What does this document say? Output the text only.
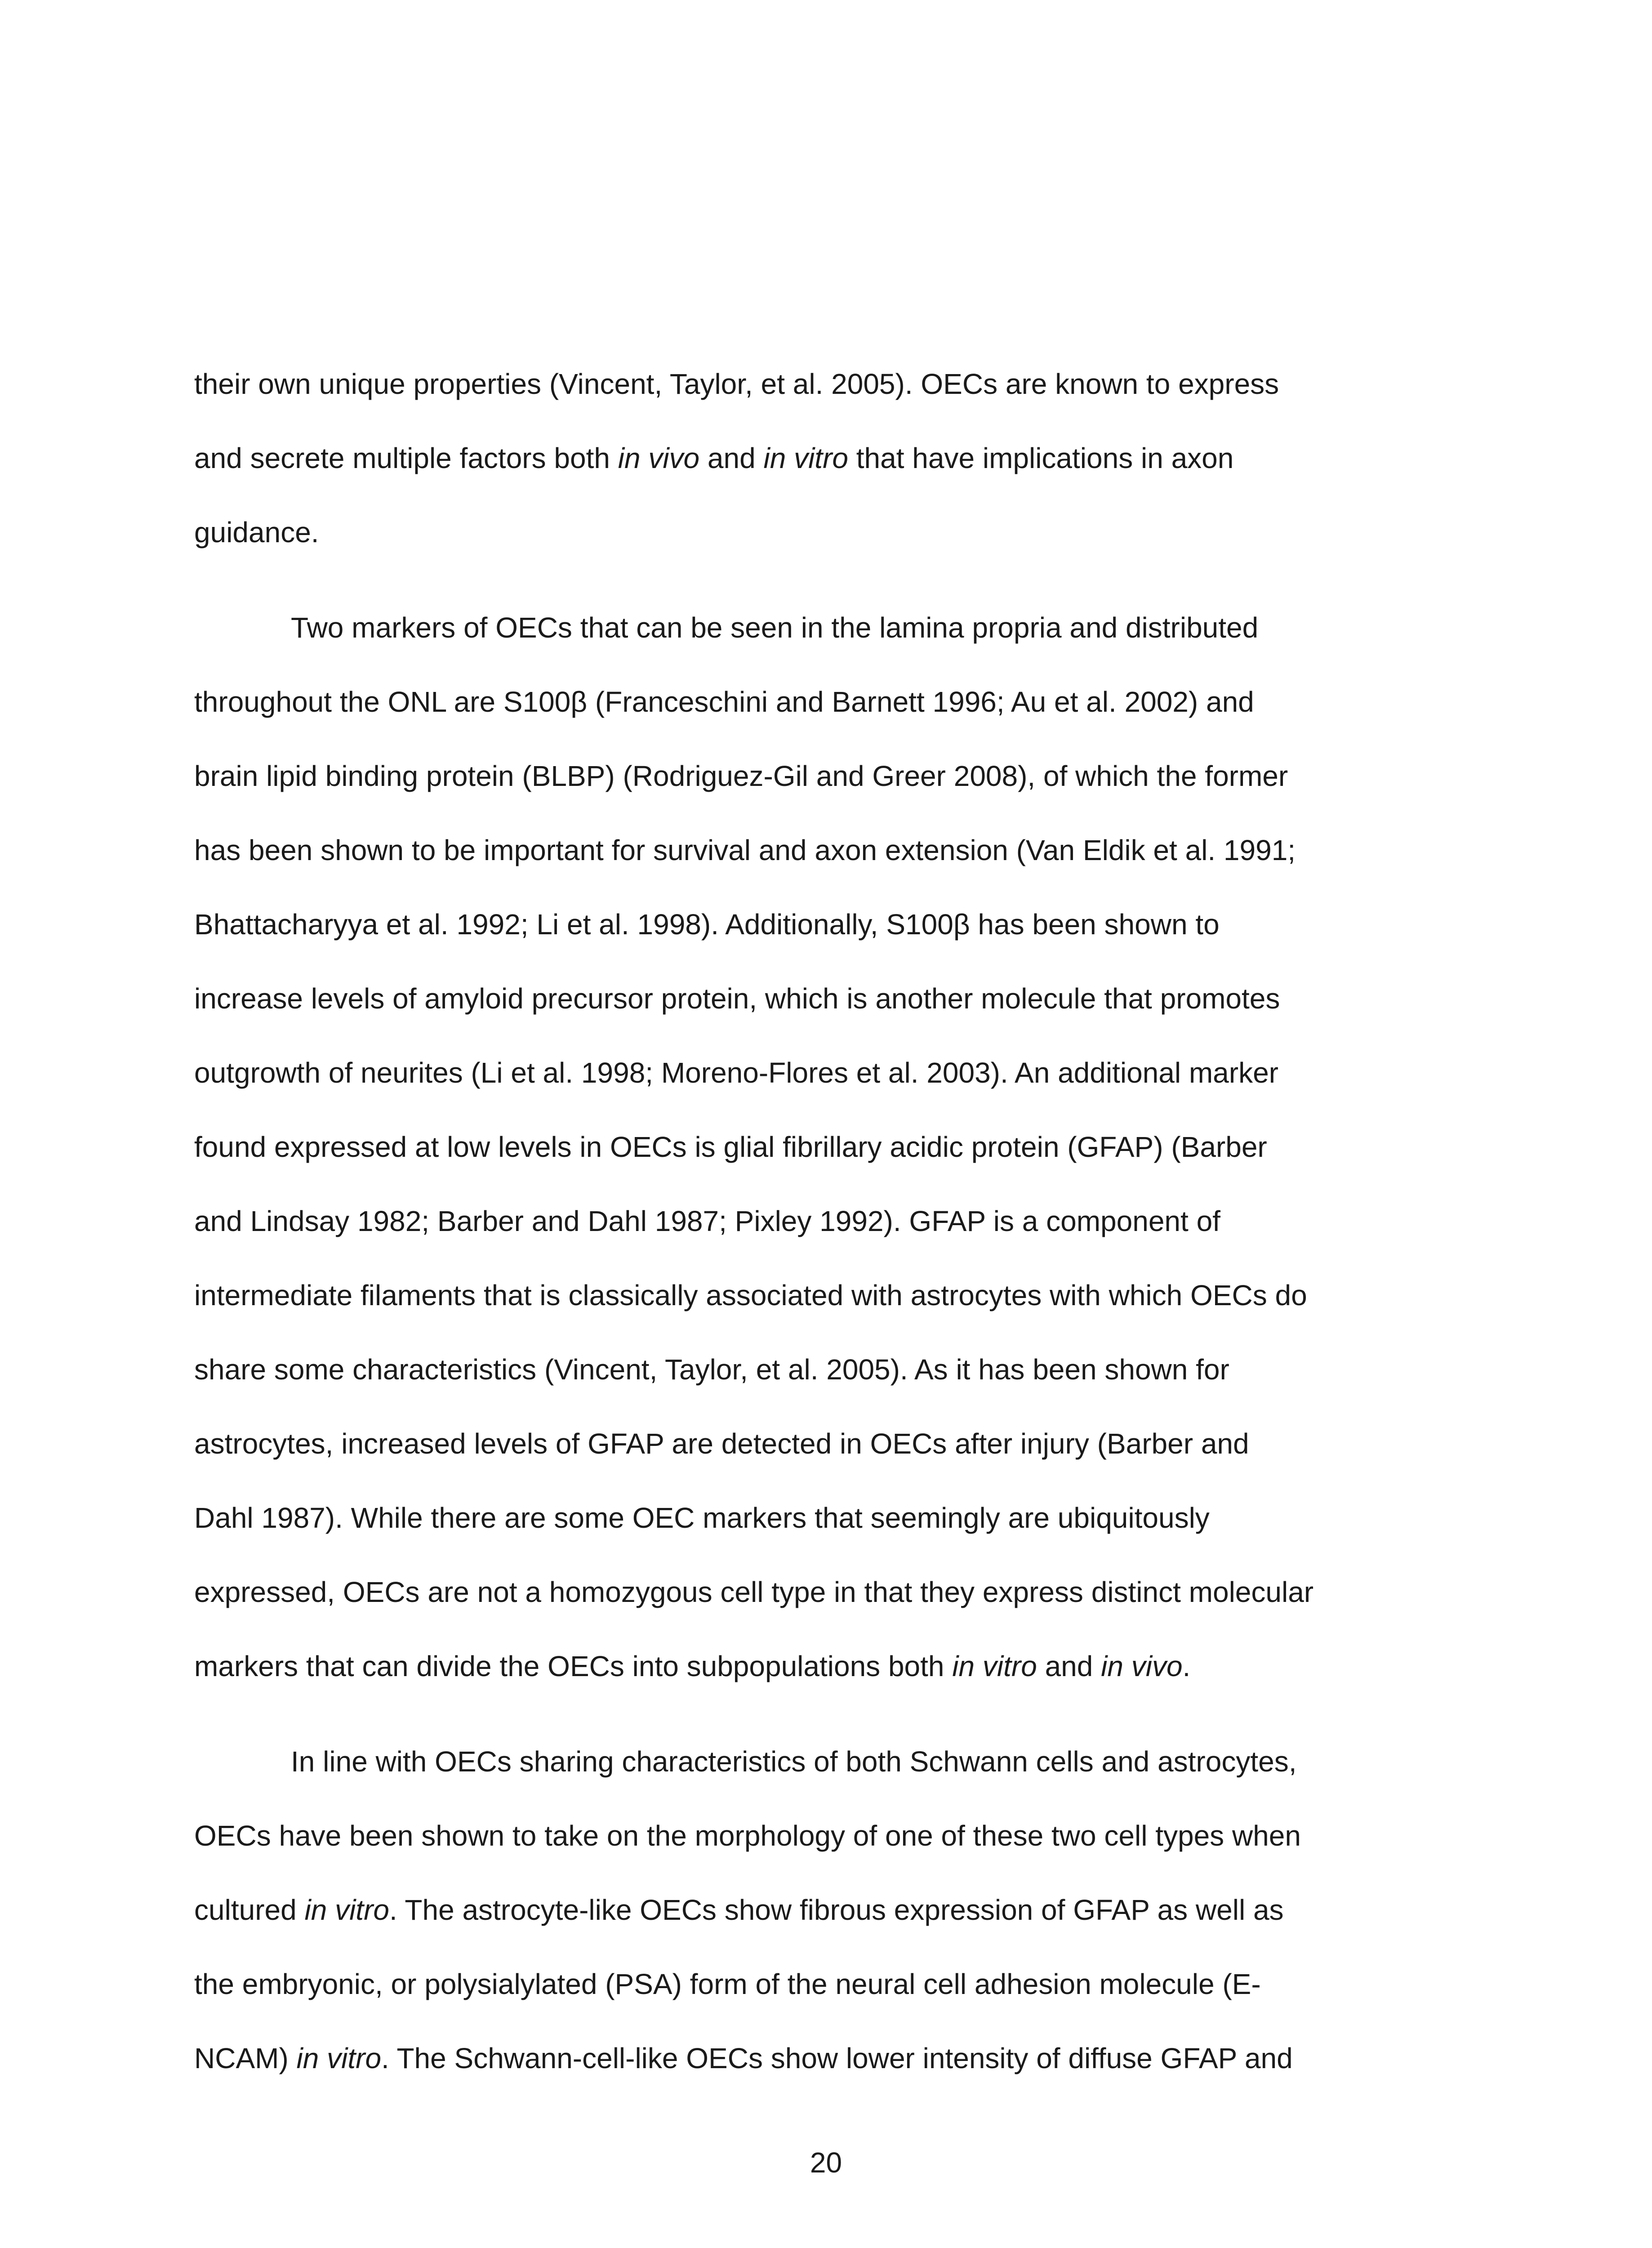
their own unique properties (Vincent, Taylor, et al. 2005). OECs are known to express
and secrete multiple factors both in vivo and in vitro that have implications in axon
guidance.
Two markers of OECs that can be seen in the lamina propria and distributed
throughout the ONL are S100β (Franceschini and Barnett 1996; Au et al. 2002) and
brain lipid binding protein (BLBP) (Rodriguez-Gil and Greer 2008), of which the former
has been shown to be important for survival and axon extension (Van Eldik et al. 1991;
Bhattacharyya et al. 1992; Li et al. 1998). Additionally, S100β has been shown to
increase levels of amyloid precursor protein, which is another molecule that promotes
outgrowth of neurites (Li et al. 1998; Moreno-Flores et al. 2003). An additional marker
found expressed at low levels in OECs is glial fibrillary acidic protein (GFAP) (Barber
and Lindsay 1982; Barber and Dahl 1987; Pixley 1992). GFAP is a component of
intermediate filaments that is classically associated with astrocytes with which OECs do
share some characteristics (Vincent, Taylor, et al. 2005). As it has been shown for
astrocytes, increased levels of GFAP are detected in OECs after injury (Barber and
Dahl 1987). While there are some OEC markers that seemingly are ubiquitously
expressed, OECs are not a homozygous cell type in that they express distinct molecular
markers that can divide the OECs into subpopulations both in vitro and in vivo.
In line with OECs sharing characteristics of both Schwann cells and astrocytes,
OECs have been shown to take on the morphology of one of these two cell types when
cultured in vitro. The astrocyte-like OECs show fibrous expression of GFAP as well as
the embryonic, or polysialylated (PSA) form of the neural cell adhesion molecule (E-
NCAM) in vitro. The Schwann-cell-like OECs show lower intensity of diffuse GFAP and
20
